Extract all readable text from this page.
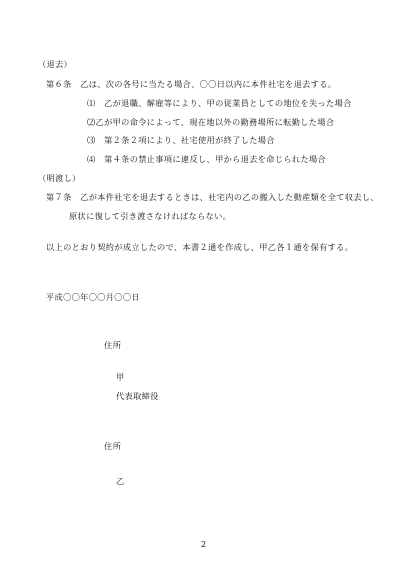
（退去）
第６条　乙は、次の各号に当たる場合、〇〇日以内に本件社宅を退去する。
⑴　乙が退職、解雇等により、甲の従業員としての地位を失った場合
⑵乙が甲の命令によって、現在地以外の勤務場所に転勤した場合
⑶　第２条２項により、社宅使用が終了した場合
⑷　第４条の禁止事項に違反し、甲から退去を命じられた場合
（明渡し）
第７条　乙が本件社宅を退去するときは、社宅内の乙の搬入した動産類を全て収去し、
原状に復して引き渡さなければならない。
以上のとおり契約が成立したので、本書２通を作成し、甲乙各１通を保有する。
平成〇〇年〇〇月〇〇日
住所
甲
代表取締役
住所
乙
2
